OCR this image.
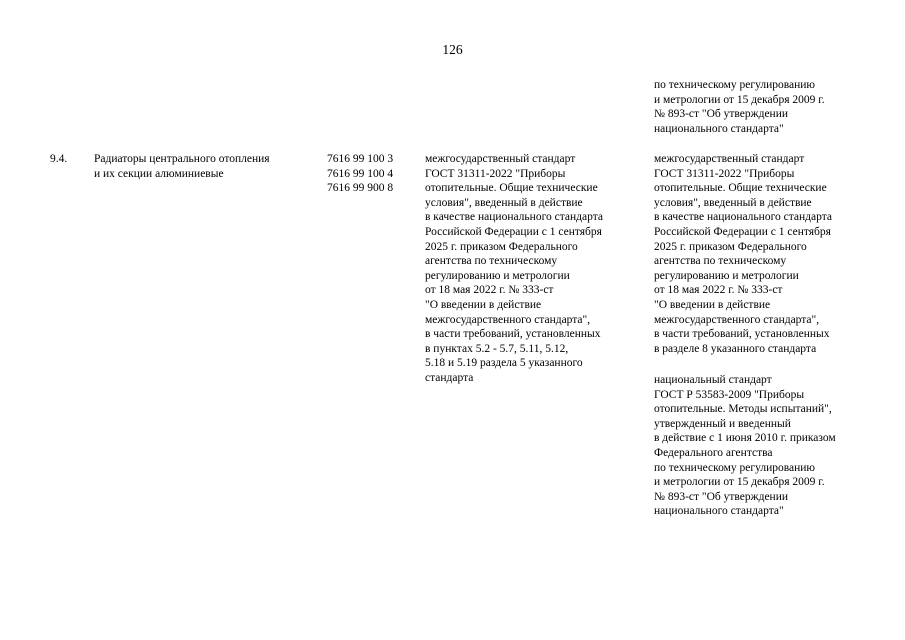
126
по техническому регулированию
и метрологии от 15 декабря 2009 г.
№ 893-ст "Об утверждении
национального стандарта"
9.4. Радиаторы центрального отопления
и их секции алюминиевые
7616 99 100 3
7616 99 100 4
7616 99 900 8
межгосударственный стандарт
ГОСТ 31311-2022 "Приборы
отопительные. Общие технические
условия", введенный в действие
в качестве национального стандарта
Российской Федерации с 1 сентября
2025 г. приказом Федерального
агентства по техническому
регулированию и метрологии
от 18 мая 2022 г. № 333-ст
"О введении в действие
межгосударственного стандарта",
в части требований, установленных
в пунктах 5.2 - 5.7, 5.11, 5.12,
5.18 и 5.19 раздела 5 указанного
стандарта
межгосударственный стандарт
ГОСТ 31311-2022 "Приборы
отопительные. Общие технические
условия", введенный в действие
в качестве национального стандарта
Российской Федерации с 1 сентября
2025 г. приказом Федерального
агентства по техническому
регулированию и метрологии
от 18 мая 2022 г. № 333-ст
"О введении в действие
межгосударственного стандарта",
в части требований, установленных
в разделе 8 указанного стандарта
национальный стандарт
ГОСТ Р 53583-2009 "Приборы
отопительные. Методы испытаний",
утвержденный и введенный
в действие с 1 июня 2010 г. приказом
Федерального агентства
по техническому регулированию
и метрологии от 15 декабря 2009 г.
№ 893-ст "Об утверждении
национального стандарта"
